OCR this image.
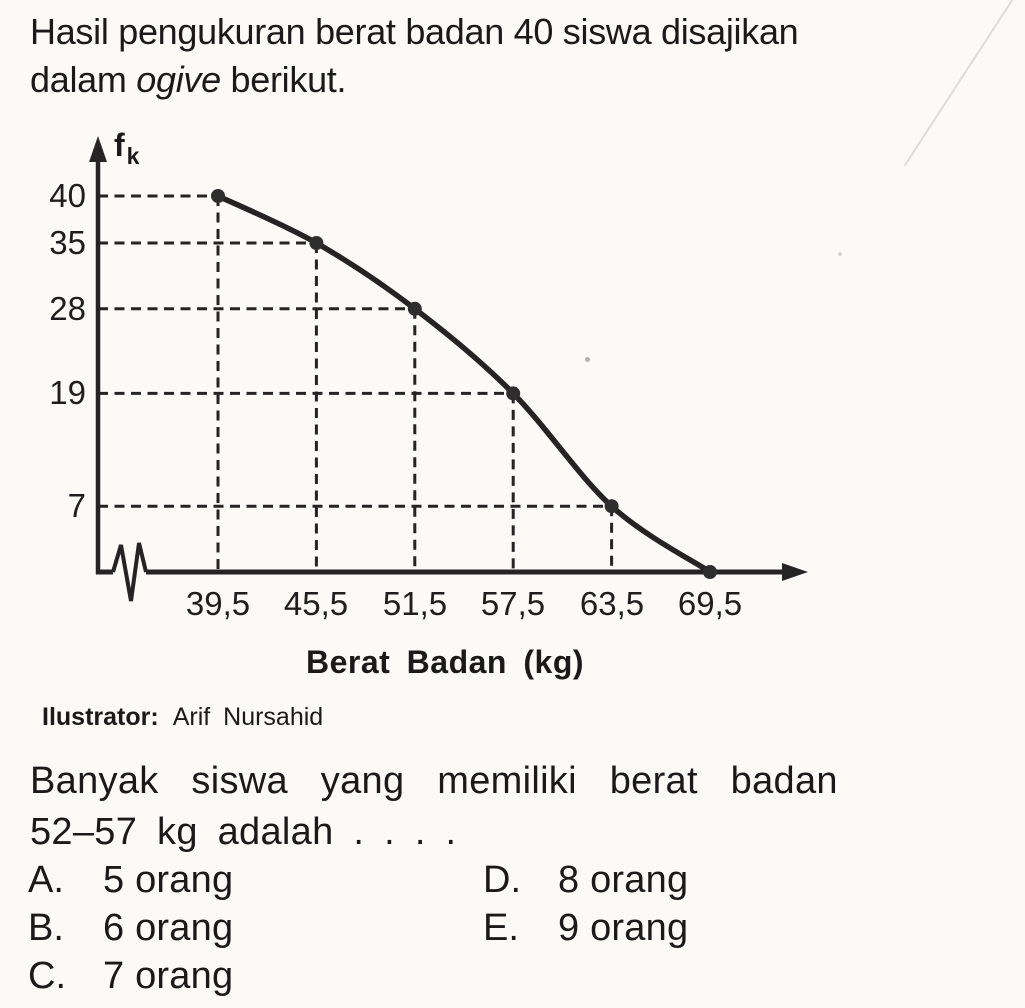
Hasil pengukuran berat badan 40 siswa disajikan
dalam ogive berikut.
fk
40
35
28
19
7
39,5	45,5	51,5	57,5	63,5	69,5
Berat Badan (kg)
Ilustrator: Arif Nursahid
Banyak siswa yang memiliki berat badan
52–57 kg adalah . . . .
A.	5 orang
B.	6 orang
C. 7 orang
D. 8 orang
E.	9 orang
